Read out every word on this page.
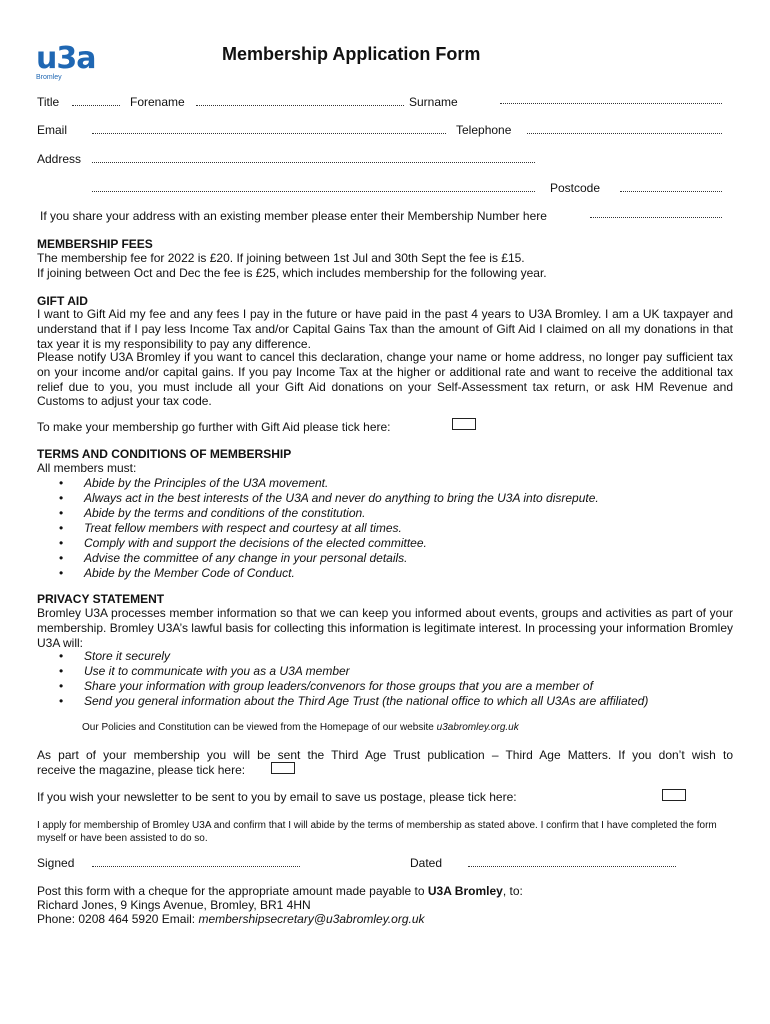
u3a
Bromley
Membership Application Form
Title	Forename	Surname
Email	Telephone
Address
Postcode
If you share your address with an existing member please enter their Membership Number here
MEMBERSHIP FEES
The membership fee for 2022 is £20. If joining between 1st Jul and 30th Sept the fee is £15.
If joining between Oct and Dec the fee is £25, which includes membership for the following year.
GIFT AID
I want to Gift Aid my fee and any fees I pay in the future or have paid in the past 4 years to U3A Bromley. I am a UK taxpayer and understand that if I pay less Income Tax and/or Capital Gains Tax than the amount of Gift Aid I claimed on all my donations in that tax year it is my responsibility to pay any difference.
Please notify U3A Bromley if you want to cancel this declaration, change your name or home address, no longer pay sufficient tax on your income and/or capital gains. If you pay Income Tax at the higher or additional rate and want to receive the additional tax relief due to you, you must include all your Gift Aid donations on your Self-Assessment tax return, or ask HM Revenue and Customs to adjust your tax code.
To make your membership go further with Gift Aid please tick here:
TERMS AND CONDITIONS OF MEMBERSHIP
All members must:
• Abide by the Principles of the U3A movement.
• Always act in the best interests of the U3A and never do anything to bring the U3A into disrepute.
• Abide by the terms and conditions of the constitution.
• Treat fellow members with respect and courtesy at all times.
• Comply with and support the decisions of the elected committee.
• Advise the committee of any change in your personal details.
• Abide by the Member Code of Conduct.
PRIVACY STATEMENT
Bromley U3A processes member information so that we can keep you informed about events, groups and activities as part of your membership. Bromley U3A’s lawful basis for collecting this information is legitimate interest. In processing your information Bromley U3A will:
• Store it securely
• Use it to communicate with you as a U3A member
• Share your information with group leaders/convenors for those groups that you are a member of
• Send you general information about the Third Age Trust (the national office to which all U3As are affiliated)
Our Policies and Constitution can be viewed from the Homepage of our website u3abromley.org.uk
As part of your membership you will be sent the Third Age Trust publication – Third Age Matters. If you don’t wish to
receive the magazine, please tick here:
If you wish your newsletter to be sent to you by email to save us postage, please tick here:
I apply for membership of Bromley U3A and confirm that I will abide by the terms of membership as stated above. I confirm that I have completed the form myself or have been assisted to do so.
Signed	Dated
Post this form with a cheque for the appropriate amount made payable to U3A Bromley, to:
Richard Jones, 9 Kings Avenue, Bromley, BR1 4HN
Phone: 0208 464 5920 Email: membershipsecretary@u3abromley.org.uk
